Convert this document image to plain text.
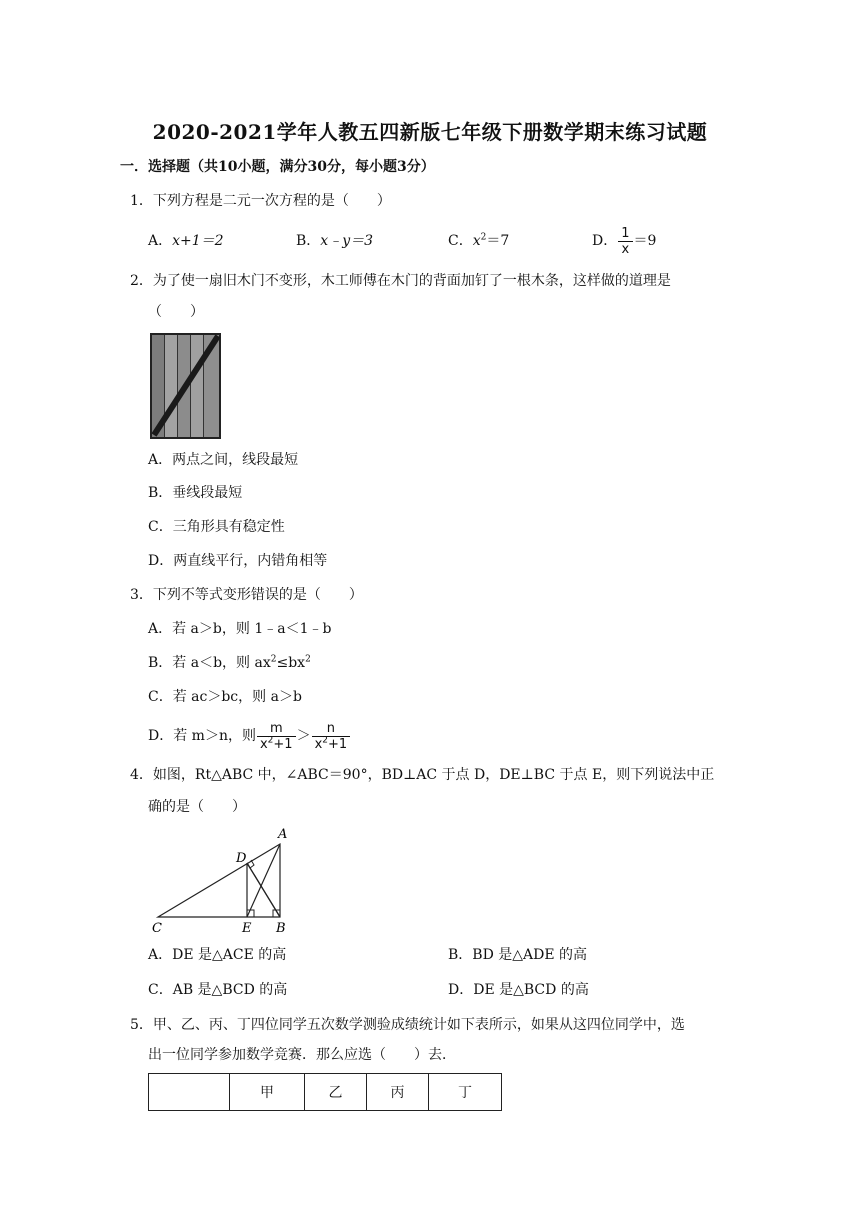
2020-2021学年人教五四新版七年级下册数学期末练习试题
一．选择题（共10小题，满分30分，每小题3分）
1．下列方程是二元一次方程的是（　　）
A．x+1＝2	B．x﹣y＝3	C．$x^2=7$	D． $\frac{1}{x} =9$
2．为了使一扇旧木门不变形，木工师傅在木门的背面加钉了一根木条，这样做的道理是
（　　）
A．两点之间，线段最短
B．垂线段最短
C．三角形具有稳定性
D．两直线平行，内错角相等
3．下列不等式变形错误的是（　　）
A．若 a＞b，则 1﹣a＜1﹣b
B．若 a＜b，则 $ax^2\le bx^2$
C．若 ac＞bc，则 a＞b
D．若 m＞n，则 $\frac{m}{x^2+1} > \frac{n}{x^2+1}$
4．如图，Rt△ABC 中，∠ABC＝90°，BD⊥AC 于点 D，DE⊥BC 于点 E，则下列说法中正
确的是（　　）
A
B
C
D
E
A．DE 是△ACE 的高	B．BD 是△ADE 的高
C．AB 是△BCD 的高	D．DE 是△BCD 的高
5．甲、乙、丙、丁四位同学五次数学测验成绩统计如下表所示，如果从这四位同学中，选
出一位同学参加数学竞赛．那么应选（　　）去．
	甲	乙	丙	丁
